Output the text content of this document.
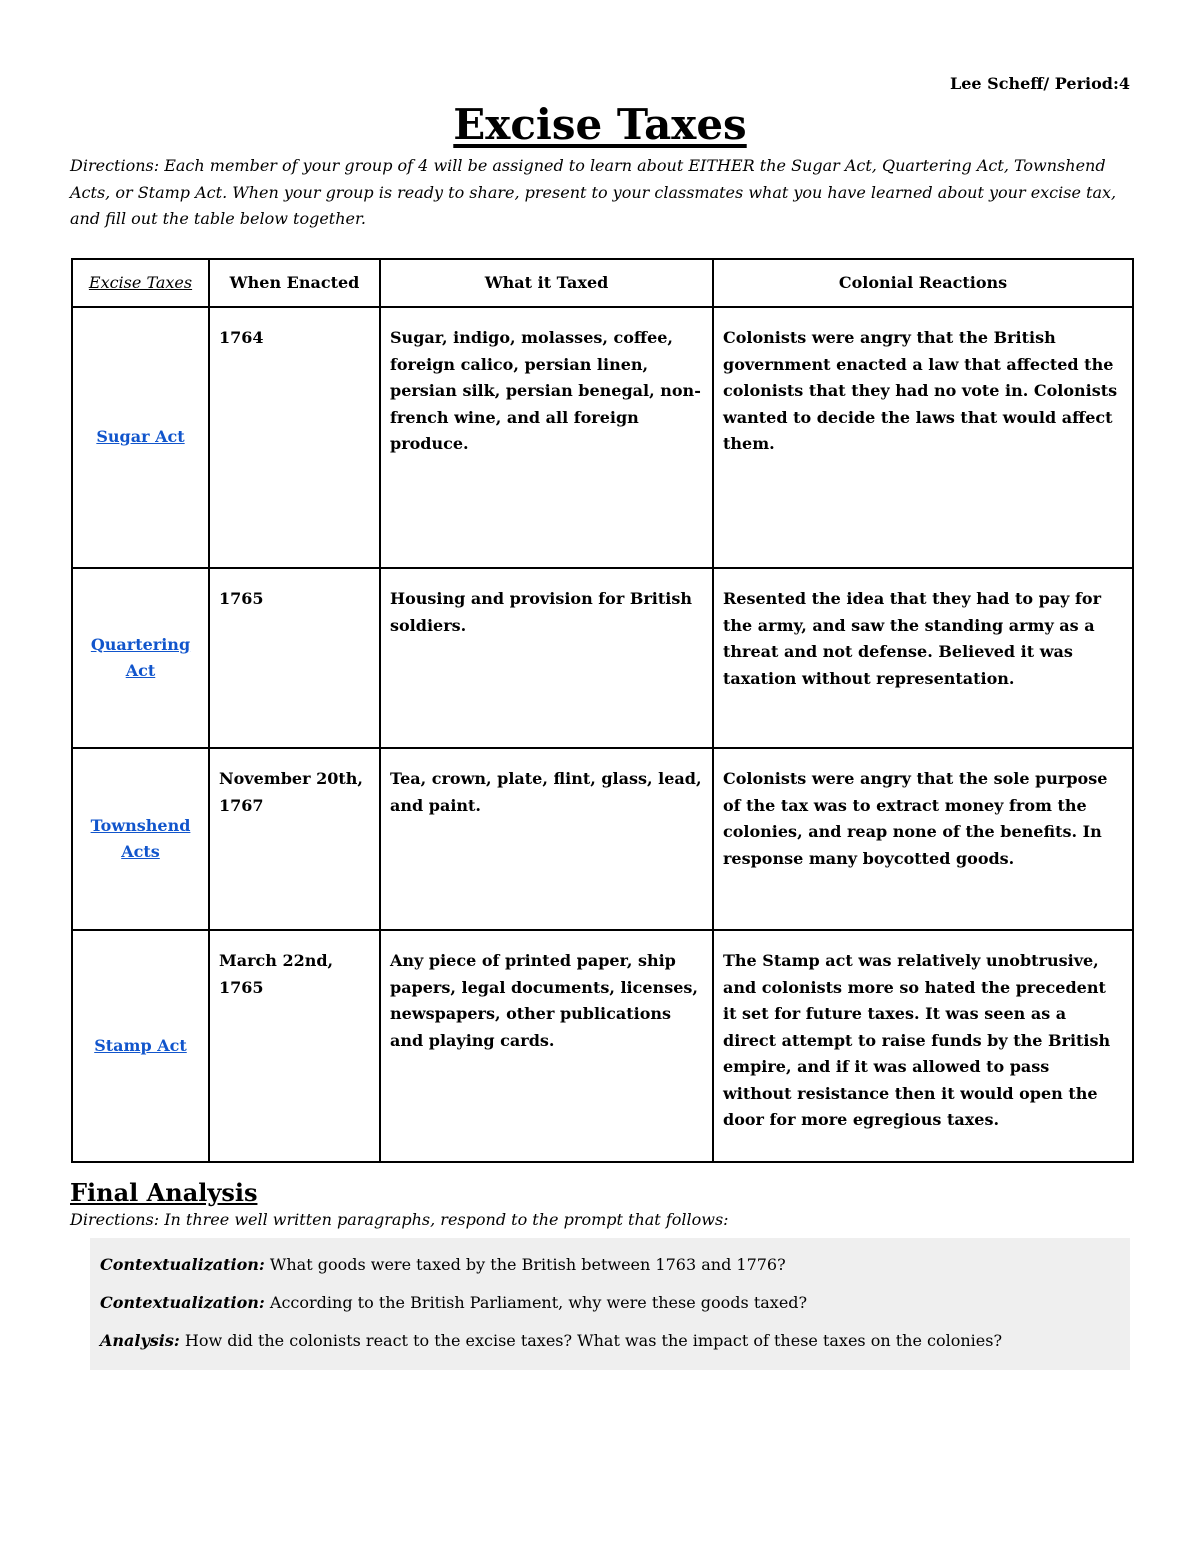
Lee Scheff/ Period:4
Excise Taxes
Directions: Each member of your group of 4 will be assigned to learn about EITHER the Sugar Act, Quartering Act, Townshend Acts, or Stamp Act. When your group is ready to share, present to your classmates what you have learned about your excise tax, and fill out the table below together.
Excise Taxes	When Enacted	What it Taxed	Colonial Reactions
Sugar Act	1764	Sugar, indigo, molasses, coffee, foreign calico, persian linen, persian silk, persian benegal, non-french wine, and all foreign produce.	Colonists were angry that the British government enacted a law that affected the colonists that they had no vote in. Colonists wanted to decide the laws that would affect them.
Quartering Act	1765	Housing and provision for British soldiers.	Resented the idea that they had to pay for the army, and saw the standing army as a threat and not defense. Believed it was taxation without representation.
Townshend Acts	November 20th, 1767	Tea, crown, plate, flint, glass, lead, and paint.	Colonists were angry that the sole purpose of the tax was to extract money from the colonies, and reap none of the benefits. In response many boycotted goods.
Stamp Act	March 22nd, 1765	Any piece of printed paper, ship papers, legal documents, licenses, newspapers, other publications and playing cards.	The Stamp act was relatively unobtrusive, and colonists more so hated the precedent it set for future taxes. It was seen as a direct attempt to raise funds by the British empire, and if it was allowed to pass without resistance then it would open the door for more egregious taxes.
Final Analysis
Directions: In three well written paragraphs, respond to the prompt that follows:
Contextualization: What goods were taxed by the British between 1763 and 1776?
Contextualization: According to the British Parliament, why were these goods taxed?
Analysis: How did the colonists react to the excise taxes? What was the impact of these taxes on the colonies?
